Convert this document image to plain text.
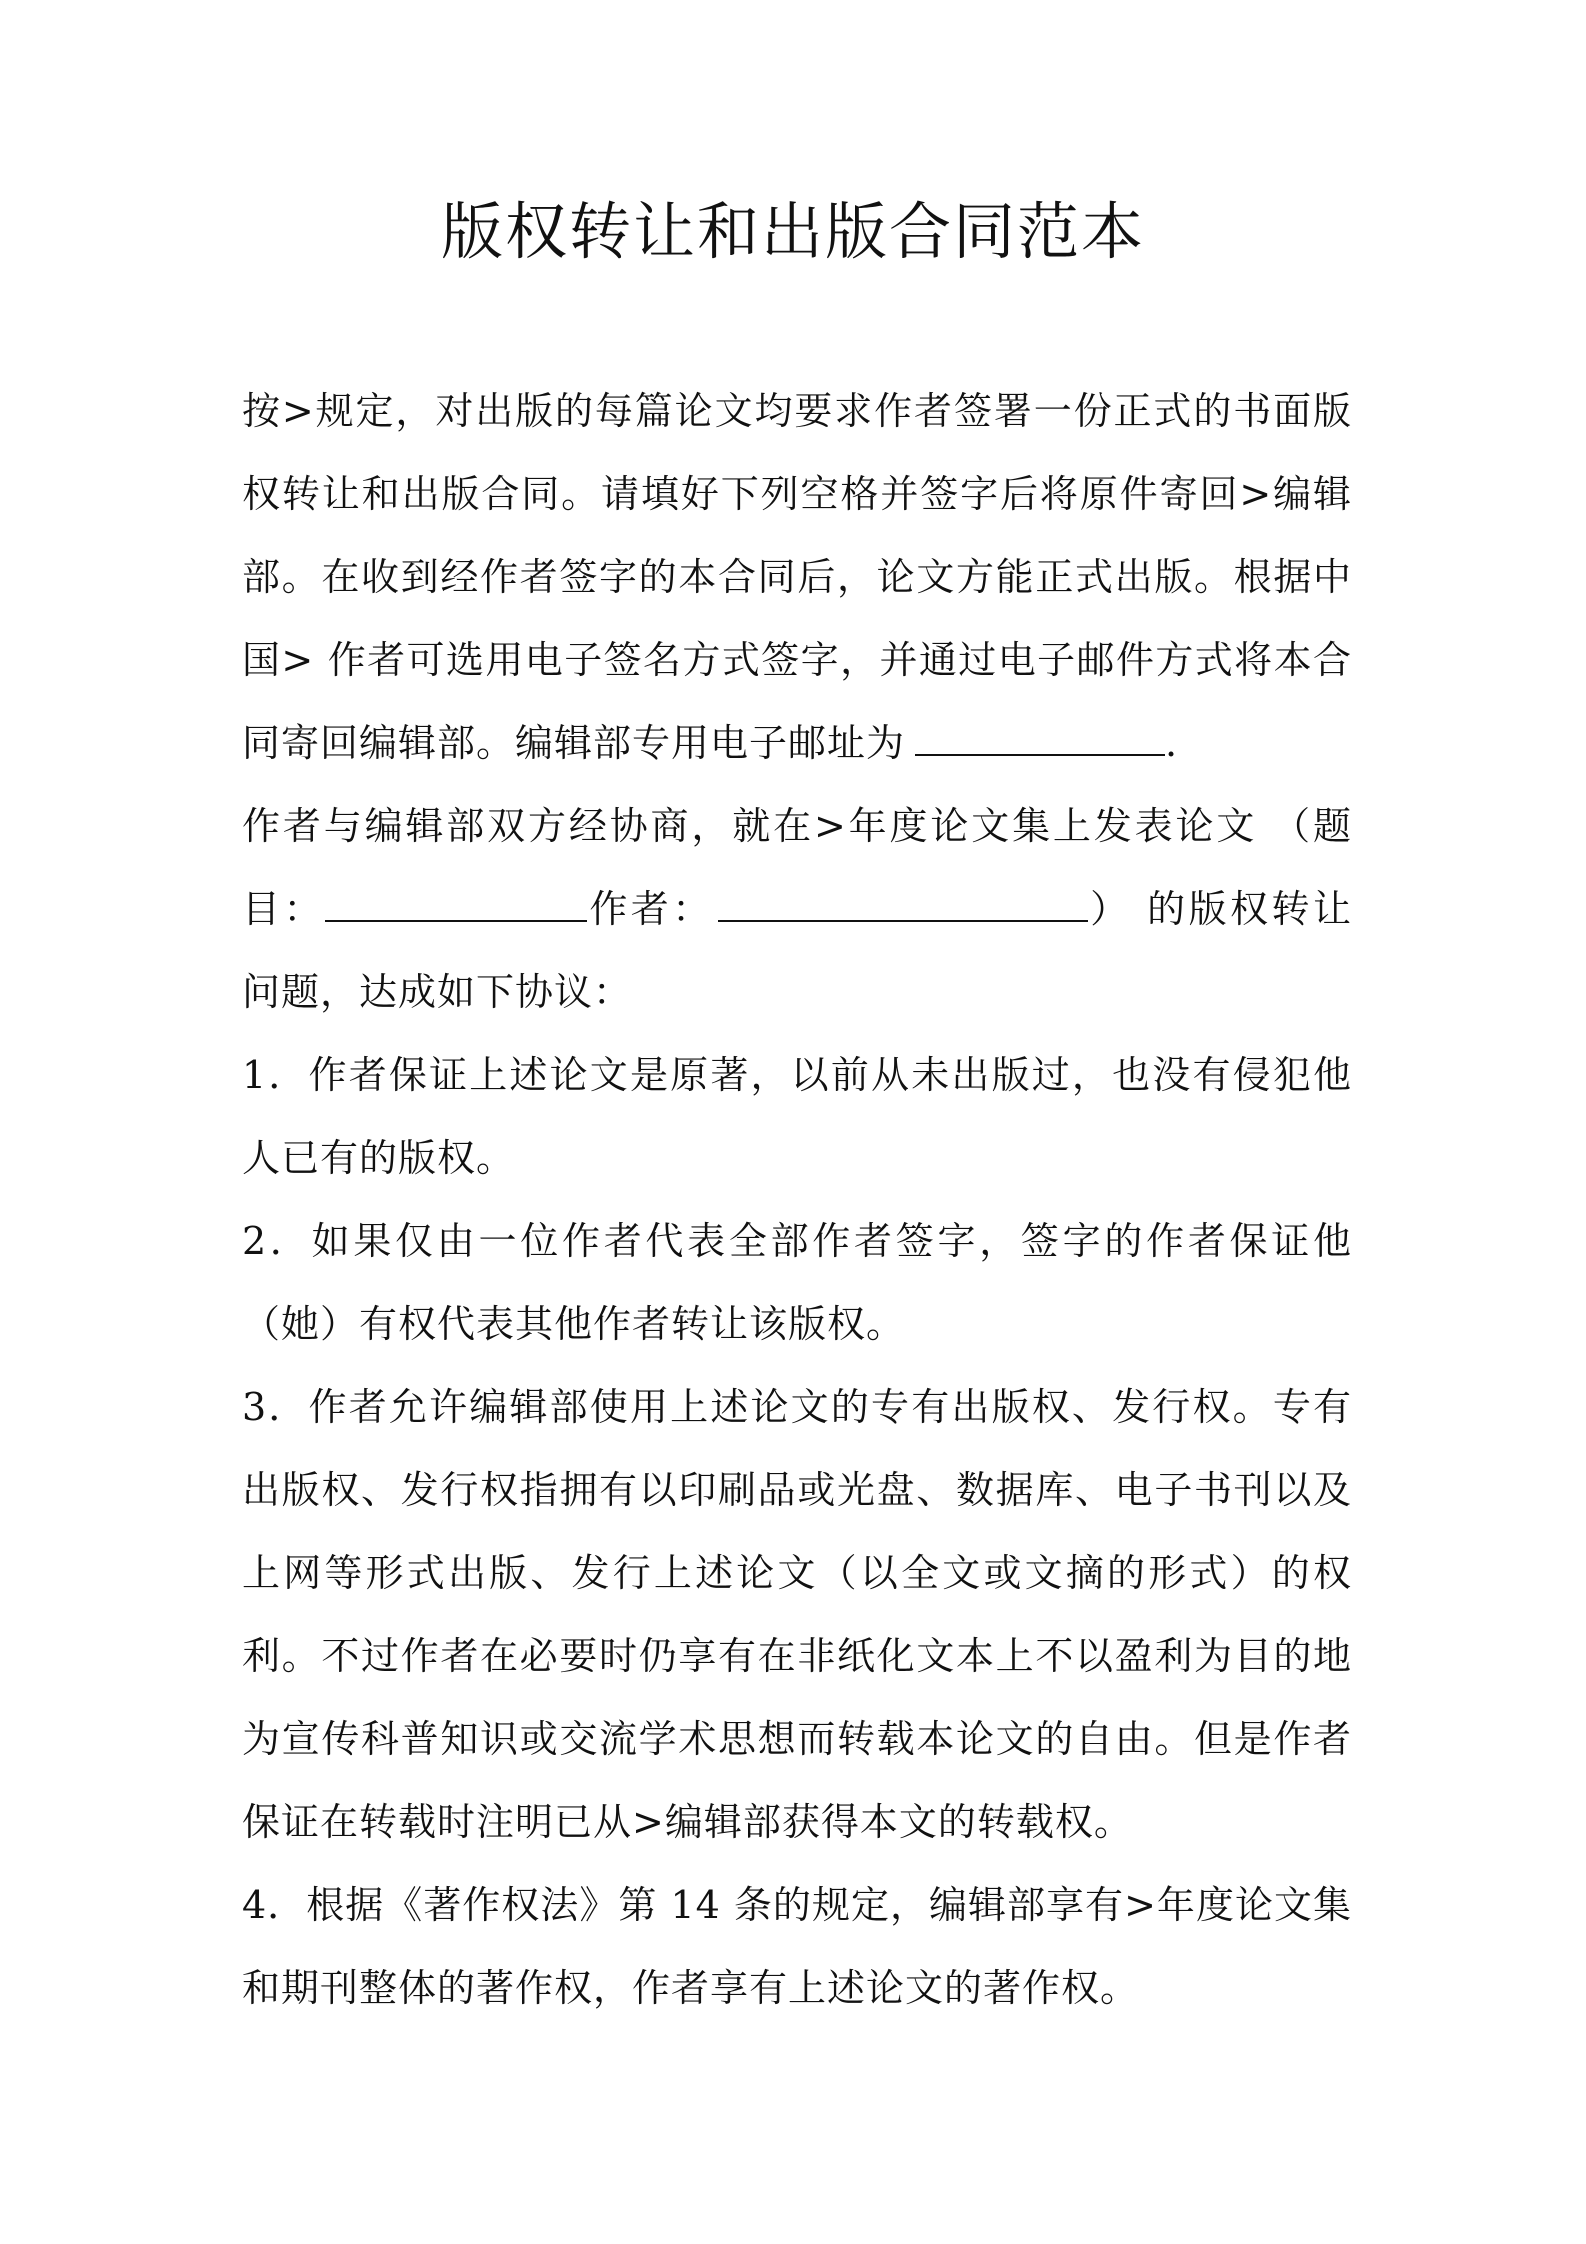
版权转让和出版合同范本

按>规定，对出版的每篇论文均要求作者签署一份正式的书面版权转让和出版合同。请填好下列空格并签字后将原件寄回>编辑部。在收到经作者签字的本合同后，论文方能正式出版。根据中国> 作者可选用电子签名方式签字，并通过电子邮件方式将本合同寄回编辑部。编辑部专用电子邮址为	.

作者与编辑部双方经协商，就在>年度论文集上发表论文 （题目：	作者：	） 的版权转让问题，达成如下协议：

1．作者保证上述论文是原著，以前从未出版过，也没有侵犯他人已有的版权。

2．如果仅由一位作者代表全部作者签字，签字的作者保证他（她）有权代表其他作者转让该版权。

3．作者允许编辑部使用上述论文的专有出版权、发行权。专有出版权、发行权指拥有以印刷品或光盘、数据库、电子书刊以及上网等形式出版、发行上述论文（以全文或文摘的形式）的权利。不过作者在必要时仍享有在非纸化文本上不以盈利为目的地为宣传科普知识或交流学术思想而转载本论文的自由。但是作者保证在转载时注明已从>编辑部获得本文的转载权。

4．根据《著作权法》第 14 条的规定，编辑部享有>年度论文集和期刊整体的著作权，作者享有上述论文的著作权。
